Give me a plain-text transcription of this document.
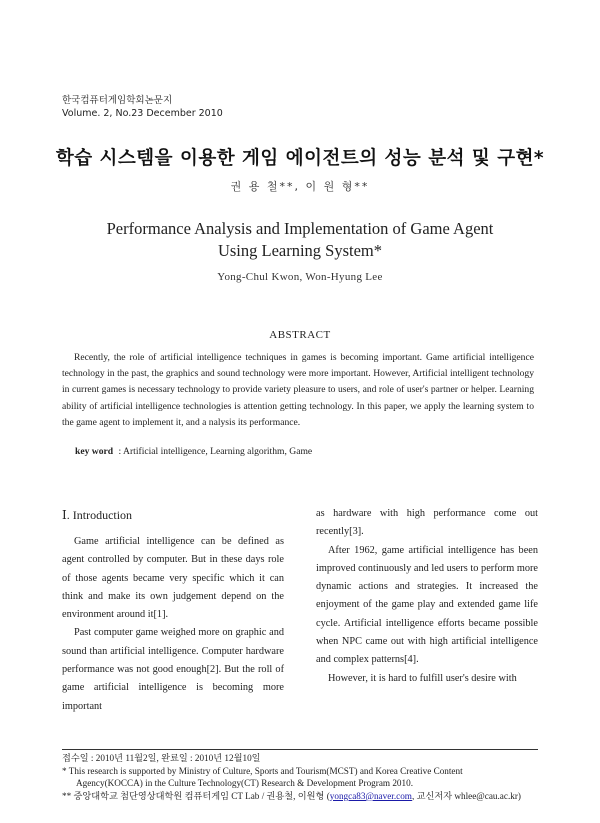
한국컴퓨터게임학회논문지
Volume. 2, No.23 December 2010
학습 시스템을 이용한 게임 에이전트의 성능 분석 및 구현*
권 용 철**, 이 원 형**
Performance Analysis and Implementation of Game Agent
Using Learning System*
Yong-Chul Kwon, Won-Hyung Lee
ABSTRACT
Recently, the role of artificial intelligence techniques in games is becoming important. Game artificial intelligence technology in the past, the graphics and sound technology were more important. However, Artificial intelligent technology in current games is necessary technology to provide variety pleasure to users, and role of user's partner or helper. Learning ability of artificial intelligence technologies is attention getting technology. In this paper, we apply the learning system to the game agent to implement it, and a nalysis its performance.
key word : Artificial intelligence, Learning algorithm, Game
Ⅰ. Introduction

Game artificial intelligence can be defined as agent controlled by computer. But in these days role of those agents became very specific which it can think and make its own judgement depend on the environment around it[1].

Past computer game weighed more on graphic and sound than artificial intelligence. Computer hardware performance was not good enough[2]. But the roll of game artificial intelligence is becoming more important

as hardware with high performance come out recently[3].

After 1962, game artificial intelligence has been improved continuously and led users to perform more dynamic actions and strategies. It increased the enjoyment of the game play and extended game life cycle. Artificial intelligence efforts became possible when NPC came out with high artificial intelligence and complex patterns[4].

However, it is hard to fulfill user's desire with

접수일 : 2010년 11월2일, 완료일 : 2010년 12월10일

* This research is supported by Ministry of Culture, Sports and Tourism(MCST) and Korea Creative Content

Agency(KOCCA) in the Culture Technology(CT) Research & Development Program 2010.

** 중앙대학교 첨단영상대학원 컴퓨터게임 CT Lab / 권용철, 이원형 (yongca83@naver.com, 교신저자 whlee@cau.ac.kr)
